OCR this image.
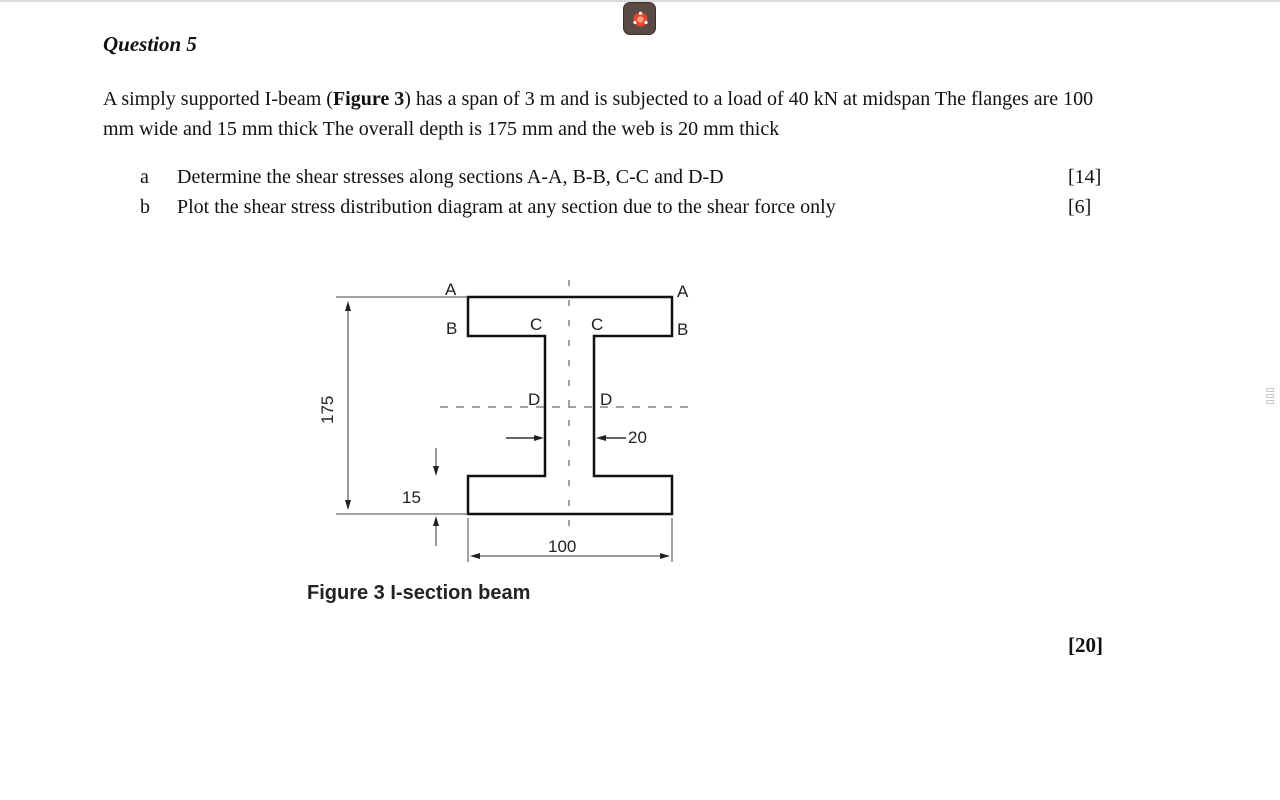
Question 5
A simply supported I-beam (Figure 3) has a span of 3 m and is subjected to a load of 40 kN at midspan The flanges are 100 mm wide and 15 mm thick The overall depth is 175 mm and the web is 20 mm thick
a Determine the shear stresses along sections A-A, B-B, C-C and D-D	[14]
b Plot the shear stress distribution diagram at any section due to the shear force only	[6]
A	A
B	B
C	C
D	D
175
15
100
20
Figure 3 I-section beam
[20]
